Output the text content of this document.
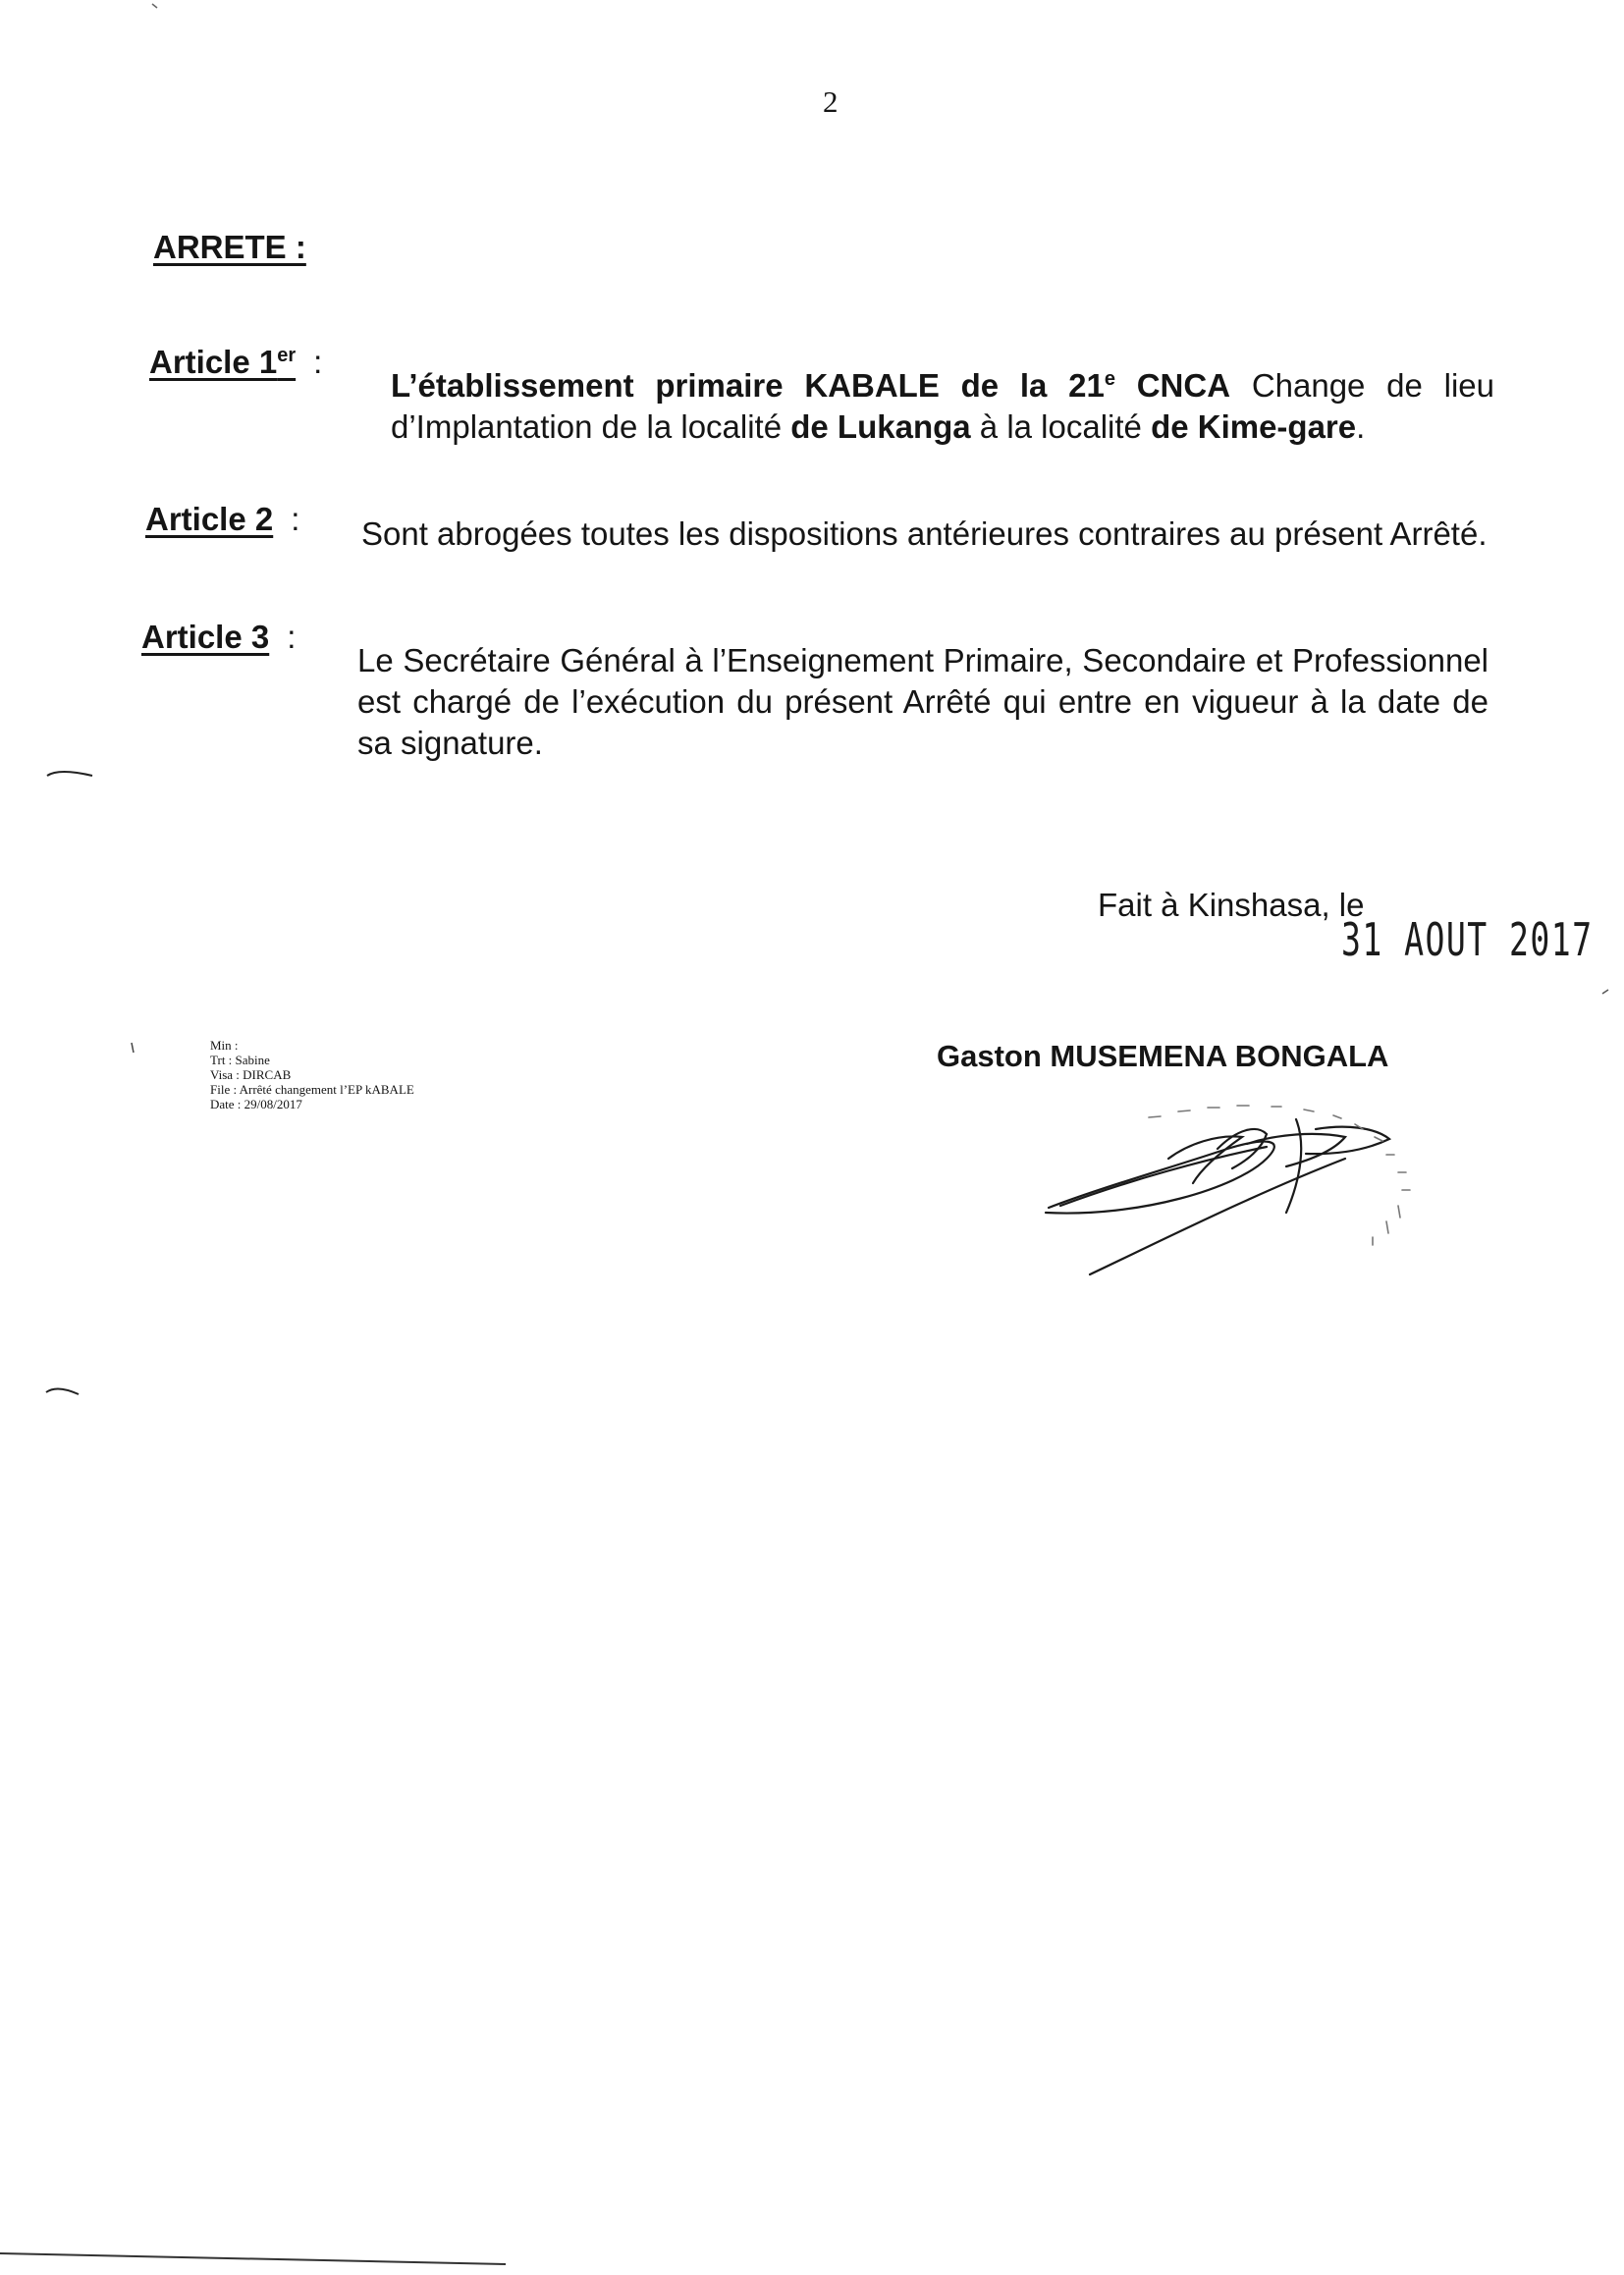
2
ARRETE :
Article 1er :
L’établissement primaire KABALE de la 21e CNCA Change de lieu d’Implantation de la localité de Lukanga à la localité de Kime-gare.
Article 2 : Sont abrogées toutes les dispositions antérieures contraires au présent Arrêté.
Article 3 :
Le Secrétaire Général à l’Enseignement Primaire, Secondaire et Professionnel est chargé de l’exécution du présent Arrêté qui entre en vigueur à la date de sa signature.
Fait à Kinshasa, le
31 AOUT 2017
Gaston MUSEMENA BONGALA
Min :
Trt : Sabine
Visa : DIRCAB
File : Arrêté changement l’EP kABALE
Date : 29/08/2017
